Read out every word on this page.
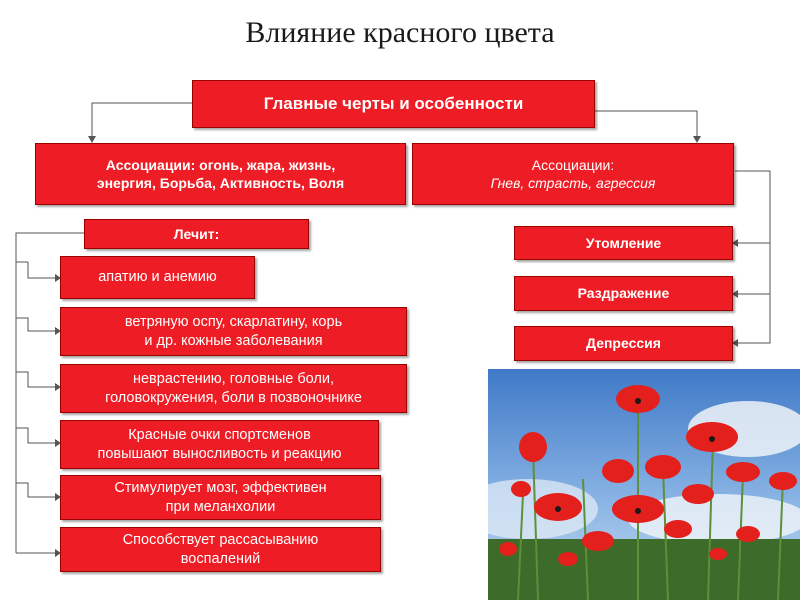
Влияние красного цвета
Главные черты и особенности
Ассоциации: огонь, жара, жизнь,
энергия, Борьба, Активность, Воля
Ассоциации:
Гнев, страсть, агрессия
Лечит:
апатию и анемию
ветряную оспу, скарлатину, корь
и др. кожные заболевания
неврастению, головные боли,
головокружения, боли в позвоночнике
Красные очки спортсменов
повышают выносливость и реакцию
Стимулирует мозг, эффективен
при меланхолии
Способствует рассасыванию
воспалений
Утомление
Раздражение
Депрессия
